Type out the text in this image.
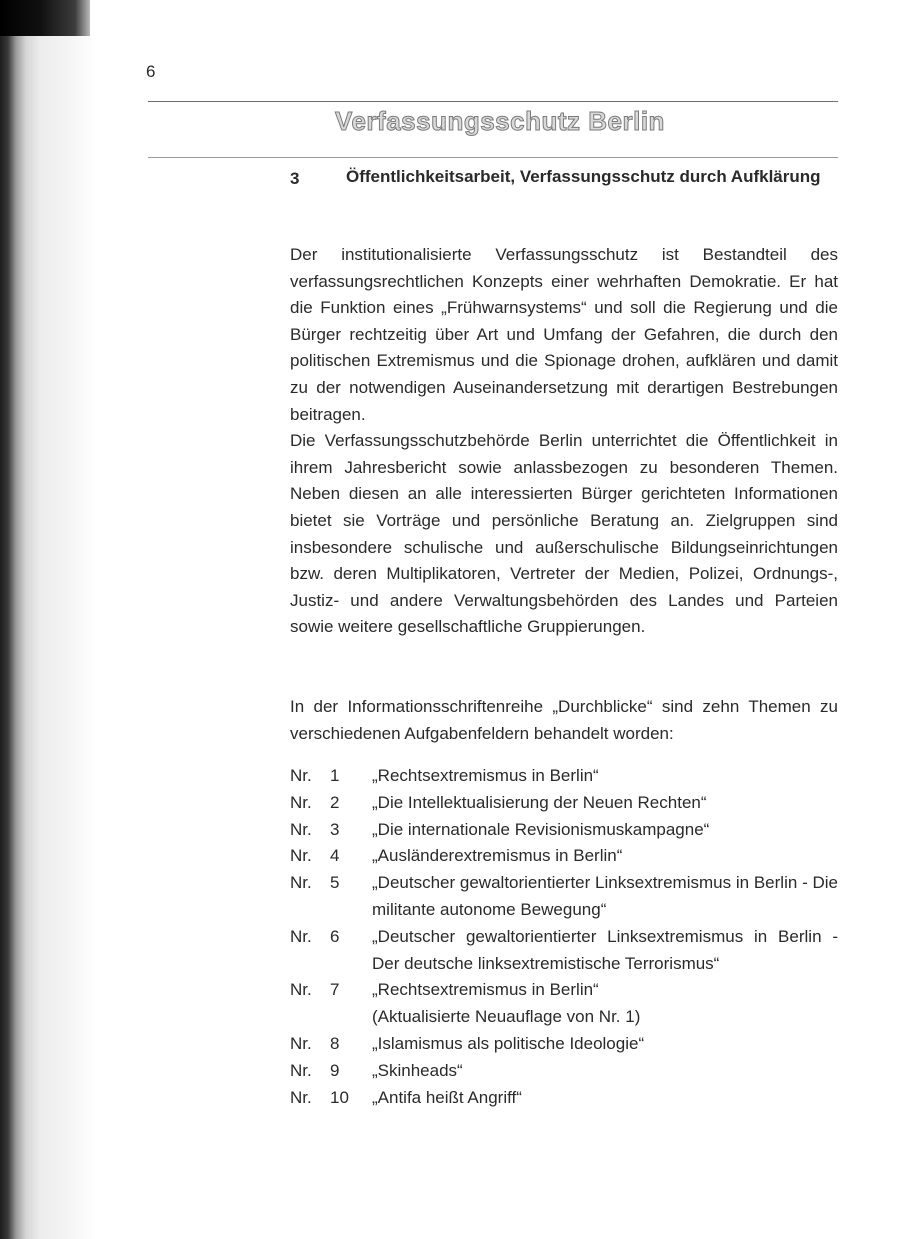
6
Verfassungsschutz Berlin
3	Öffentlichkeitsarbeit, Verfassungsschutz durch Aufklärung

Der institutionalisierte Verfassungsschutz ist Bestandteil des verfassungsrechtlichen Konzepts einer wehrhaften Demokratie. Er hat die Funktion eines „Frühwarnsystems“ und soll die Regierung und die Bürger rechtzeitig über Art und Umfang der Gefahren, die durch den politischen Extremismus und die Spionage drohen, aufklären und damit zu der notwendigen Auseinandersetzung mit derartigen Bestrebungen beitragen.

Die Verfassungsschutzbehörde Berlin unterrichtet die Öffentlichkeit in ihrem Jahresbericht sowie anlassbezogen zu besonderen Themen. Neben diesen an alle interessierten Bürger gerichteten Informationen bietet sie Vorträge und persönliche Beratung an. Zielgruppen sind insbesondere schulische und außerschulische Bildungseinrichtungen bzw. deren Multiplikatoren, Vertreter der Medien, Polizei, Ordnungs-, Justiz- und andere Verwaltungsbehörden des Landes und Parteien sowie weitere gesellschaftliche Gruppierungen.

In der Informationsschriftenreihe „Durchblicke“ sind zehn Themen zu verschiedenen Aufgabenfeldern behandelt worden:

Nr.	1	„Rechtsextremismus in Berlin“
Nr.	2	„Die Intellektualisierung der Neuen Rechten“
Nr.	3	„Die internationale Revisionismuskampagne“
Nr.	4	„Ausländerextremismus in Berlin“
Nr.	5	„Deutscher gewaltorientierter Linksextremismus in Berlin - Die militante autonome Bewegung“
Nr.	6	„Deutscher gewaltorientierter Linksextremismus in Berlin - Der deutsche linksextremistische Terrorismus“
Nr.	7	„Rechtsextremismus in Berlin“
(Aktualisierte Neuauflage von Nr. 1)
Nr.	8	„Islamismus als politische Ideologie“
Nr.	9	„Skinheads“
Nr.	10	„Antifa heißt Angriff“
